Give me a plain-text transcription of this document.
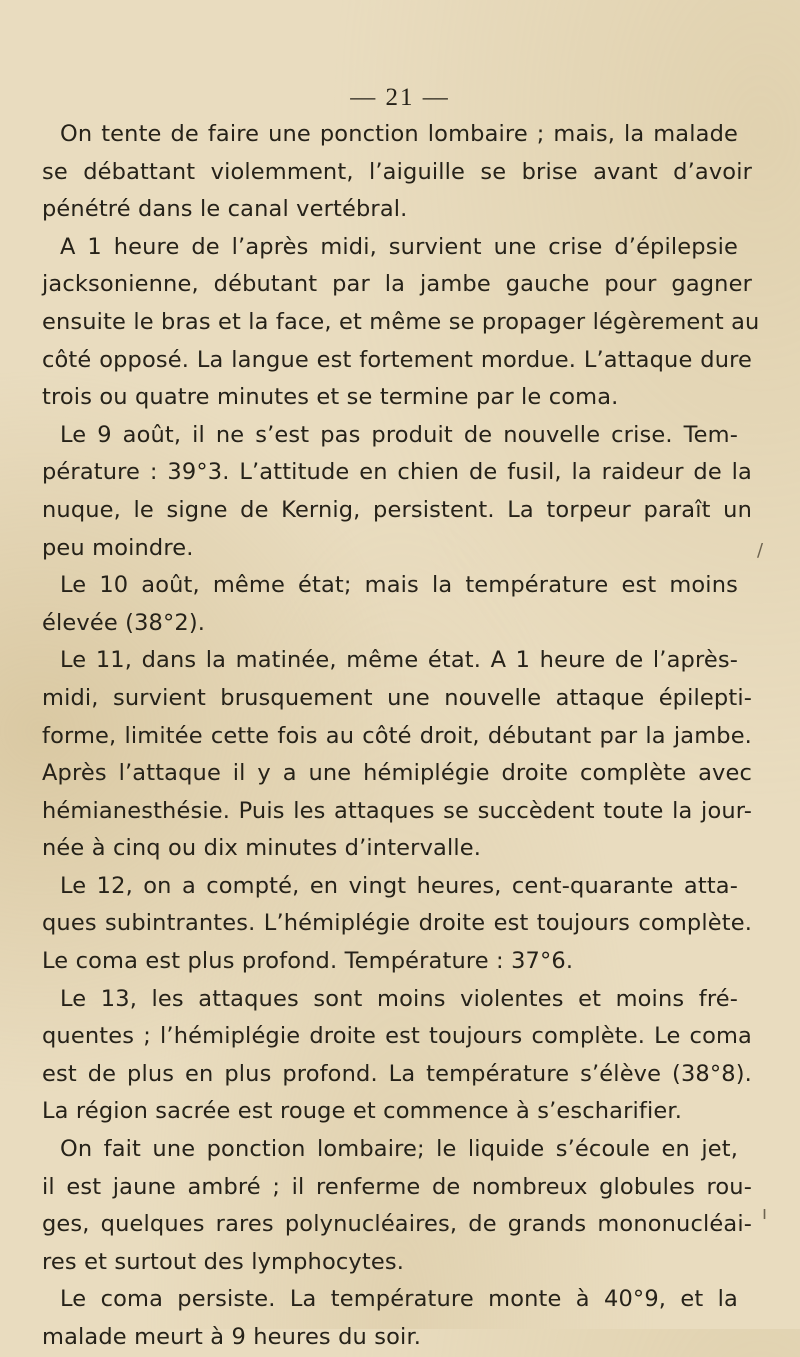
— 21 —
On tente de faire une ponction lombaire ; mais, la malade
se débattant violemment, l’aiguille se brise avant d’avoir
pénétré dans le canal vertébral.
A 1 heure de l’après midi, survient une crise d’épilepsie
jacksonienne, débutant par la jambe gauche pour gagner
ensuite le bras et la face, et même se propager légèrement au
côté opposé. La langue est fortement mordue. L’attaque dure
trois ou quatre minutes et se termine par le coma.
Le 9 août, il ne s’est pas produit de nouvelle crise. Tem-
pérature : 39°3. L’attitude en chien de fusil, la raideur de la
nuque, le signe de Kernig, persistent. La torpeur paraît un
peu moindre.
Le 10 août, même état; mais la température est moins
élevée (38°2).
Le 11, dans la matinée, même état. A 1 heure de l’après-
midi, survient brusquement une nouvelle attaque épilepti-
forme, limitée cette fois au côté droit, débutant par la jambe.
Après l’attaque il y a une hémiplégie droite complète avec
hémianesthésie. Puis les attaques se succèdent toute la jour-
née à cinq ou dix minutes d’intervalle.
Le 12, on a compté, en vingt heures, cent-quarante atta-
ques subintrantes. L’hémiplégie droite est toujours complète.
Le coma est plus profond. Température : 37°6.
Le 13, les attaques sont moins violentes et moins fré-
quentes ; l’hémiplégie droite est toujours complète. Le coma
est de plus en plus profond. La température s’élève (38°8).
La région sacrée est rouge et commence à s’escharifier.
On fait une ponction lombaire; le liquide s’écoule en jet,
il est jaune ambré ; il renferme de nombreux globules rou-
ges, quelques rares polynucléaires, de grands mononucléai-
res et surtout des lymphocytes.
Le coma persiste. La température monte à 40°9, et la
malade meurt à 9 heures du soir.
/
ı
